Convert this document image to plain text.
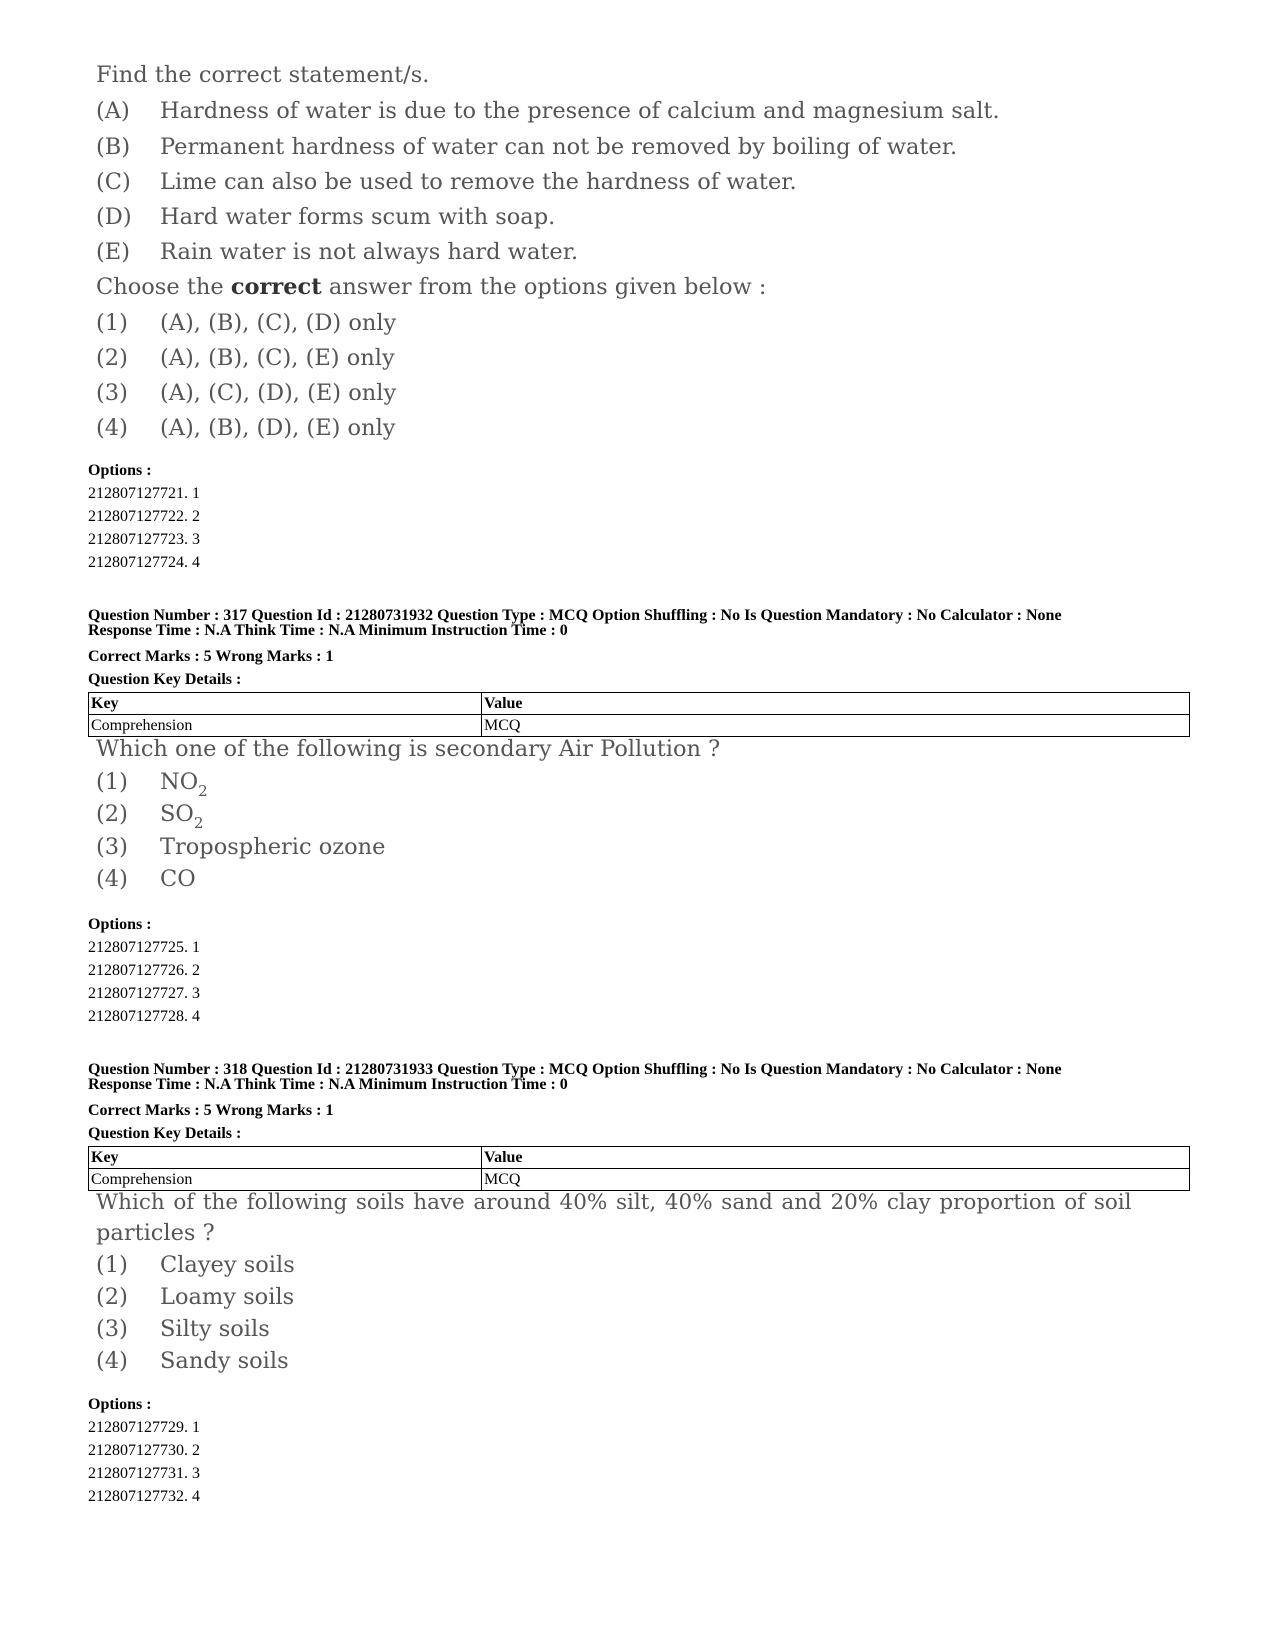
Find the correct statement/s.
(A) Hardness of water is due to the presence of calcium and magnesium salt.
(B) Permanent hardness of water can not be removed by boiling of water.
(C) Lime can also be used to remove the hardness of water.
(D) Hard water forms scum with soap.
(E) Rain water is not always hard water.
Choose the correct answer from the options given below :
(1) (A), (B), (C), (D) only
(2) (A), (B), (C), (E) only
(3) (A), (C), (D), (E) only
(4) (A), (B), (D), (E) only
Options :
212807127721. 1
212807127722. 2
212807127723. 3
212807127724. 4
Question Number : 317 Question Id : 21280731932 Question Type : MCQ Option Shuffling : No Is Question Mandatory : No Calculator : None
Response Time : N.A Think Time : N.A Minimum Instruction Time : 0
Correct Marks : 5 Wrong Marks : 1
Question Key Details :
Key	Value
Comprehension	MCQ
Which one of the following is secondary Air Pollution ?
(1) $NO_2$
(2) $SO_2$
(3) Tropospheric ozone
(4) CO
Options :
212807127725. 1
212807127726. 2
212807127727. 3
212807127728. 4
Question Number : 318 Question Id : 21280731933 Question Type : MCQ Option Shuffling : No Is Question Mandatory : No Calculator : None
Response Time : N.A Think Time : N.A Minimum Instruction Time : 0
Correct Marks : 5 Wrong Marks : 1
Question Key Details :
Key	Value
Comprehension	MCQ
Which of the following soils have around 40% silt, 40% sand and 20% clay proportion of soil
particles ?
(1) Clayey soils
(2) Loamy soils
(3) Silty soils
(4) Sandy soils
Options :
212807127729. 1
212807127730. 2
212807127731. 3
212807127732. 4
